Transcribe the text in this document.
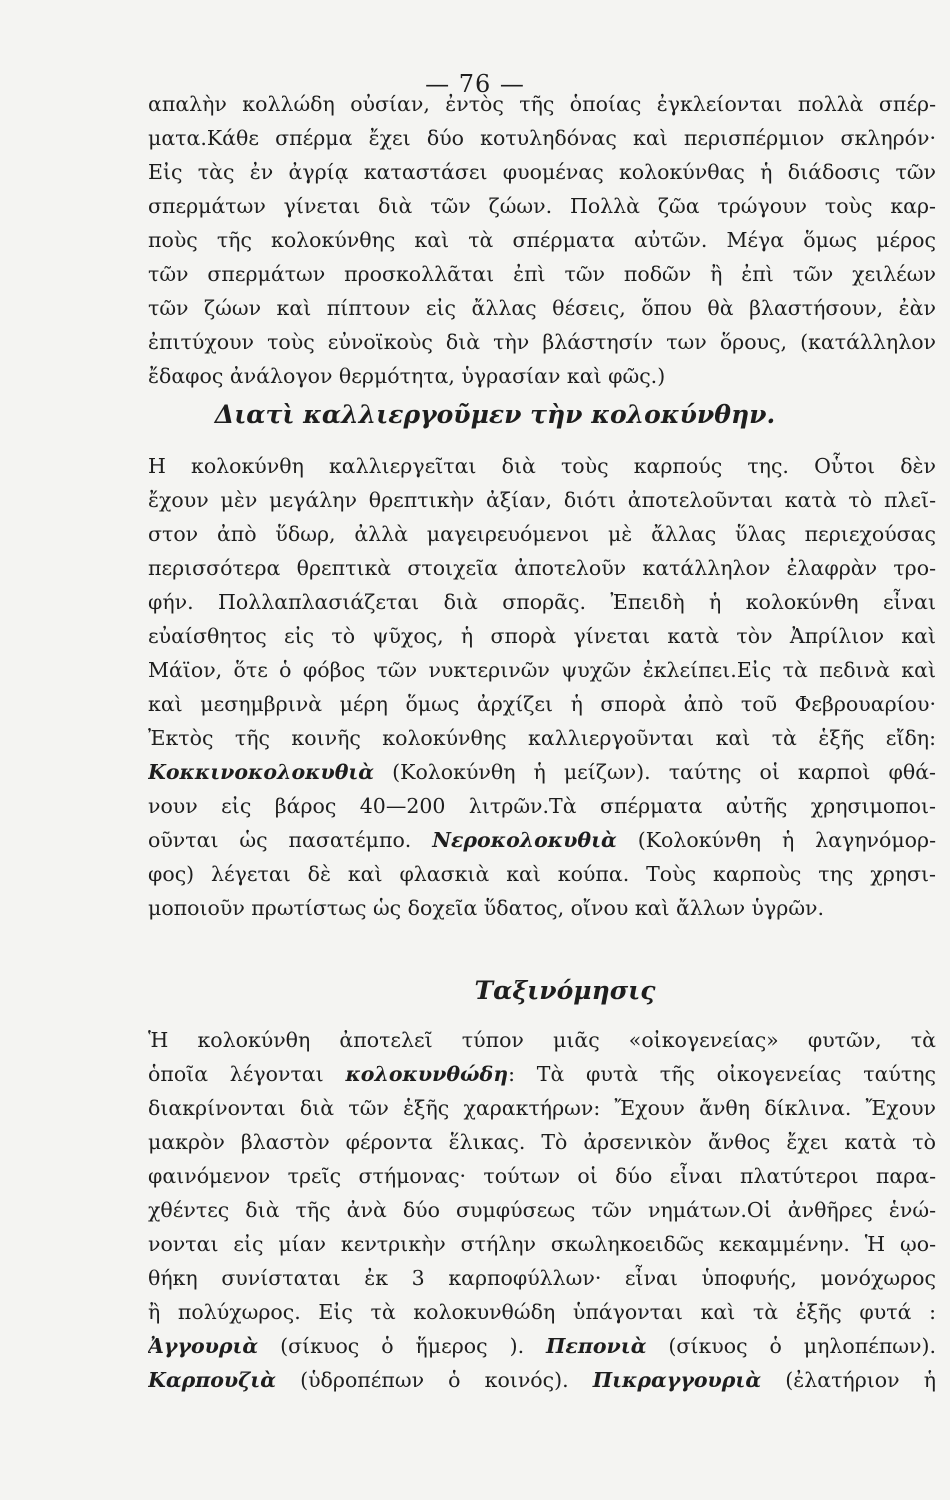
— 76 —
απαλὴν κολλώδη οὐσίαν, ἐντὸς τῆς ὁποίας ἐγκλείονται πολλὰ σπέρ-
ματα.Κάθε σπέρμα ἔχει δύο κοτυληδόνας καὶ περισπέρμιον σκληρόν·
Εἰς τὰς ἐν ἀγρίᾳ καταστάσει φυομένας κολοκύνθας ἡ διάδοσις τῶν
σπερμάτων γίνεται διὰ τῶν ζώων. Πολλὰ ζῶα τρώγουν τοὺς καρ-
ποὺς τῆς κολοκύνθης καὶ τὰ σπέρματα αὐτῶν. Μέγα ὅμως μέρος
τῶν σπερμάτων προσκολλᾶται ἐπὶ τῶν ποδῶν ἢ ἐπὶ τῶν χειλέων
τῶν ζώων καὶ πίπτουν εἰς ἄλλας θέσεις, ὅπου θὰ βλαστήσουν, ἐὰν
ἐπιτύχουν τοὺς εὐνοϊκοὺς διὰ τὴν βλάστησίν των ὅρους, (κατάλληλον
ἔδαφος ἀνάλογον θερμότητα, ὑγρασίαν καὶ φῶς.)
Διατὶ καλλιεργοῦμεν τὴν κολοκύνθην.
Η κολοκύνθη καλλιεργεῖται διὰ τοὺς καρπούς της. Οὗτοι δὲν
ἔχουν μὲν μεγάλην θρεπτικὴν ἀξίαν, διότι ἀποτελοῦνται κατὰ τὸ πλεῖ-
στον ἀπὸ ὕδωρ, ἀλλὰ μαγειρευόμενοι μὲ ἄλλας ὕλας περιεχούσας
περισσότερα θρεπτικὰ στοιχεῖα ἀποτελοῦν κατάλληλον ἐλαφρὰν τρο-
φήν. Πολλαπλασιάζεται διὰ σπορᾶς. Ἐπειδὴ ἡ κολοκύνθη εἶναι
εὐαίσθητος εἰς τὸ ψῦχος, ἡ σπορὰ γίνεται κατὰ τὸν Ἀπρίλιον καὶ
Μάϊον, ὅτε ὁ φόβος τῶν νυκτερινῶν ψυχῶν ἐκλείπει.Εἰς τὰ πεδινὰ καὶ
καὶ μεσημβρινὰ μέρη ὅμως ἀρχίζει ἡ σπορὰ ἀπὸ τοῦ Φεβρουαρίου·
Ἐκτὸς τῆς κοινῆς κολοκύνθης καλλιεργοῦνται καὶ τὰ ἑξῆς εἴδη:
Κοκκινοκολοκυθιὰ (Κολοκύνθη ἡ μείζων). ταύτης οἱ καρποὶ φθά-
νουν εἰς βάρος 40—200 λιτρῶν.Τὰ σπέρματα αὐτῆς χρησιμοποι-
οῦνται ὡς πασατέμπο. Νεροκολοκυθιὰ (Κολοκύνθη ἡ λαγηνόμορ-
φος) λέγεται δὲ καὶ φλασκιὰ καὶ κούπα. Τοὺς καρποὺς της χρησι-
μοποιοῦν πρωτίστως ὡς δοχεῖα ὕδατος, οἴνου καὶ ἄλλων ὑγρῶν.
Ταξινόμησις
Ἡ κολοκύνθη ἀποτελεῖ τύπον μιᾶς «οἰκογενείας» φυτῶν, τὰ
ὁποῖα λέγονται κολοκυνθώδη: Τὰ φυτὰ τῆς οἰκογενείας ταύτης
διακρίνονται διὰ τῶν ἑξῆς χαρακτήρων: Ἔχουν ἄνθη δίκλινα. Ἔχουν
μακρὸν βλαστὸν φέροντα ἕλικας. Τὸ ἀρσενικὸν ἄνθος ἔχει κατὰ τὸ
φαινόμενον τρεῖς στήμονας· τούτων οἱ δύο εἶναι πλατύτεροι παρα-
χθέντες διὰ τῆς ἀνὰ δύο συμφύσεως τῶν νημάτων.Οἱ ἀνθῆρες ἑνώ-
νονται εἰς μίαν κεντρικὴν στήλην σκωληκοειδῶς κεκαμμένην. Ἡ ῳο-
θήκη συνίσταται ἐκ 3 καρποφύλλων· εἶναι ὑποφυής, μονόχωρος
ἢ πολύχωρος. Εἰς τὰ κολοκυνθώδη ὑπάγονται καὶ τὰ ἑξῆς φυτά :
Ἀγγουριὰ (σίκυος ὁ ἥμερος ). Πεπονιὰ (σίκυος ὁ μηλοπέπων).
Καρπουζιὰ (ὑδροπέπων ὁ κοινός). Πικραγγουριὰ (ἐλατήριον ἡ
